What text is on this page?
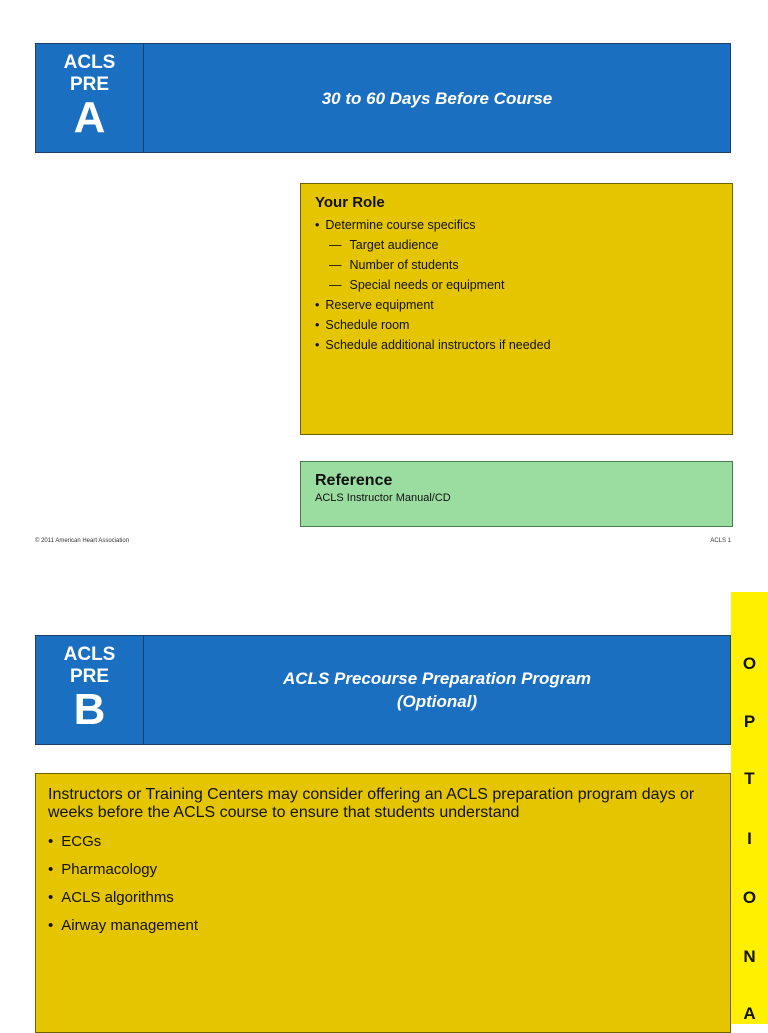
ACLS
PRE
A	30 to 60 Days Before Course
Your Role
• Determine course specifics
— Target audience
— Number of students
— Special needs or equipment
• Reserve equipment
• Schedule room
• Schedule additional instructors if needed
Reference

ACLS Instructor Manual/CD

© 2011 American Heart Association	ACLS 1
O
P
T
I
O
N
A
ACLS
PRE
B
ACLS Precourse Preparation Program
(Optional)

Instructors or Training Centers may consider offering an ACLS preparation program days or weeks before the ACLS course to ensure that students understand

• ECGs
• Pharmacology
• ACLS algorithms
• Airway management
